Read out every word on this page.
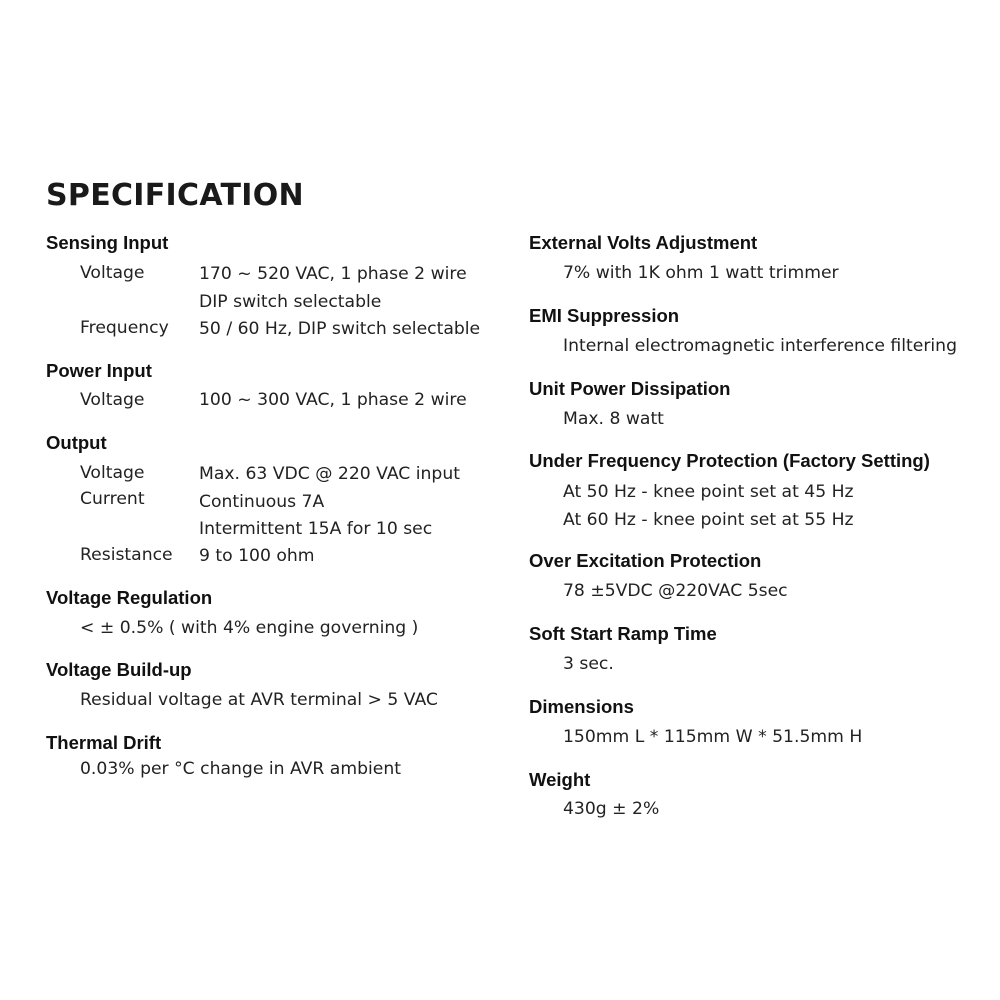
SPECIFICATION
Sensing Input
Voltage	170 ~ 520 VAC, 1 phase 2 wire
DIP switch selectable
Frequency 50 / 60 Hz, DIP switch selectable
Power Input
Voltage	100 ~ 300 VAC, 1 phase 2 wire
Output
Voltage	Max. 63 VDC @ 220 VAC input
Current	Continuous 7A
Intermittent 15A for 10 sec
Resistance 9 to 100 ohm
Voltage Regulation
< ± 0.5% ( with 4% engine governing )
Voltage Build-up
Residual voltage at AVR terminal > 5 VAC
Thermal Drift
0.03% per °C change in AVR ambient
External Volts Adjustment
7% with 1K ohm 1 watt trimmer
EMI Suppression
Internal electromagnetic interference filtering
Unit Power Dissipation
Max. 8 watt
Under Frequency Protection (Factory Setting)
At 50 Hz - knee point set at 45 Hz
At 60 Hz - knee point set at 55 Hz
Over Excitation Protection
78 ±5VDC @220VAC 5sec
Soft Start Ramp Time
3 sec.
Dimensions
150mm L * 115mm W * 51.5mm H
Weight
430g ± 2%
